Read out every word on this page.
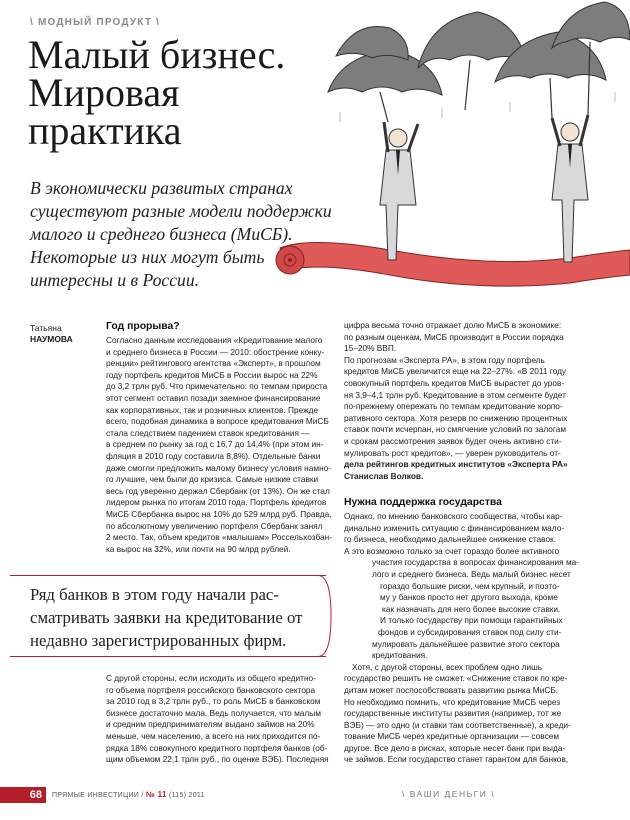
\ МОДНЫЙ ПРОДУКТ \
Малый бизнес.
Мировая
практика
В экономически развитых странах
существуют разные модели поддержки
малого и среднего бизнеса (МиСБ).
Некоторые из них могут быть
интересны и в России.
Татьяна
НАУМОВА
Год прорыва?
Согласно данным исследования «Кредитование малого
и среднего бизнеса в России — 2010: обострение конку-
ренции» рейтингового агентства «Эксперт», в прошлом
году портфель кредитов МиСБ в России вырос на 22%
до 3,2 трлн руб. Что примечательно: по темпам прироста
этот сегмент оставил позади заемное финансирование
как корпоративных, так и розничных клиентов. Прежде
всего, подобная динамика в вопросе кредитования МиСБ
стала следствием падением ставок кредитования —
в среднем по рынку за год с 16,7 до 14,4% (при этом ин-
фляция в 2010 году составила 8,8%). Отдельные банки
даже смогли предложить малому бизнесу условия намно-
го лучшие, чем были до кризиса. Самые низкие ставки
весь год уверенно держал Сбербанк (от 13%). Он же стал
лидером рынка по итогам 2010 года. Портфель кредитов
МиСБ Сбербанка вырос на 10% до 529 млрд руб. Правда,
по абсолютному увеличению портфеля Сбербанк занял
2 место. Так, объем кредитов «малышам» Россельхозбан-
ка вырос на 32%, или почти на 90 млрд рублей.
цифра весьма точно отражает долю МиСБ в экономике:
по разным оценкам, МиСБ производит в России порядка
15–20% ВВП.
По прогнозам «Эксперта РА», в этом году портфель
кредитов МиСБ увеличится еще на 22–27%. «В 2011 году
совокупный портфель кредитов МиСБ вырастет до уров-
ня 3,9–4,1 трлн руб. Кредитование в этом сегменте будет
по-прежнему опережать по темпам кредитование корпо-
ративного сектора. Хотя резерв по снижению процентных
ставок почти исчерпан, но смягчение условий по залогам
и срокам рассмотрения заявок будет очень активно сти-
мулировать рост кредитов», — уверен руководитель от-
дела рейтингов кредитных институтов «Эксперта РА»
Станислав Волков.
Ряд банков в этом году начали рас-
сматривать заявки на кредитование от
недавно зарегистрированных фирм.
С другой стороны, если исходить из общего кредитно-
го объема портфеля российского банковского сектора
за 2010 год в 3,2 трлн руб., то роль МиСБ в банковском
бизнесе достаточно мала. Ведь получается, что малым
и средним предпринимателям выдано займов на 20%
меньше, чем населению, а всего на них приходится по-
рядка 18% совокупного кредитного портфеля банков (об-
щим объемом 22,1 трлн руб., по оценке ВЭБ). Последняя
Нужна поддержка государства
Однако, по мнению банковского сообщества, чтобы кар-
динально изменить ситуацию с финансированием мало-
го бизнеса, необходимо дальнейшее снижение ставок.
А это возможно только за счет гораздо более активного
участия государства в вопросах финансирования ма-
лого и среднего бизнеса. Ведь малый бизнес несет
гораздо большие риски, чем крупный, и поэто-
му у банков просто нет другого выхода, кроме
как назначать для него более высокие ставки.
И только государству при помощи гарантийных
фондов и субсидирования ставок под силу сти-
мулировать дальнейшее развитие этого сектора
кредитования.
Хотя, с другой стороны, всех проблем одно лишь
государство решить не сможет. «Снижение ставок по кре-
дитам может поспособствовать развитию рынка МиСБ.
Но необходимо помнить, что кредитование МиСБ через
государственные институты развития (например, тот же
ВЭБ) — это одно (и ставки там соответственные), а креди-
тование МиСБ через кредитные организации — совсем
другое. Все дело в рисках, которые несет банк при выда-
че займов. Если государство станет гарантом для банков,
68	ПРЯМЫЕ ИНВЕСТИЦИИ / № 11 (115) 2011	\ ВАШИ ДЕНЬГИ \
